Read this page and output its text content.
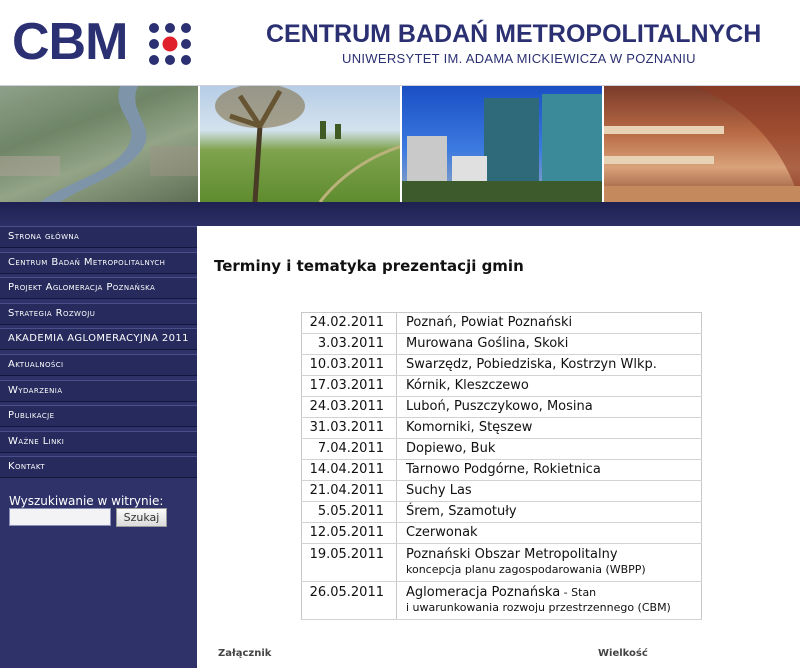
CBM	CENTRUM BADAŃ METROPOLITALNYCH
UNIWERSYTET IM. ADAMA MICKIEWICZA W POZNANIU
Strona główna
Centrum Badań Metropolitalnych
Projekt Aglomeracja Poznańska
Strategia Rozwoju
AKADEMIA AGLOMERACYJNA 2011
Aktualności
Wydarzenia
Publikacje
Ważne Linki
Kontakt
Wyszukiwanie w witrynie:
Szukaj
Terminy i tematyka prezentacji gmin
24.02.2011	Poznań, Powiat Poznański
3.03.2011	Murowana Goślina, Skoki
10.03.2011	Swarzędz, Pobiedziska, Kostrzyn Wlkp.
17.03.2011	Kórnik, Kleszczewo
24.03.2011	Luboń, Puszczykowo, Mosina
31.03.2011	Komorniki, Stęszew
7.04.2011	Dopiewo, Buk
14.04.2011	Tarnowo Podgórne, Rokietnica
21.04.2011	Suchy Las
5.05.2011	Śrem, Szamotuły
12.05.2011	Czerwonak
19.05.2011	Poznański Obszar Metropolitalny
koncepcja planu zagospodarowania (WBPP)

26.05.2011	Aglomeracja Poznańska - Stan
i uwarunkowania rozwoju przestrzennego (CBM)
Załącznik	Wielkość
